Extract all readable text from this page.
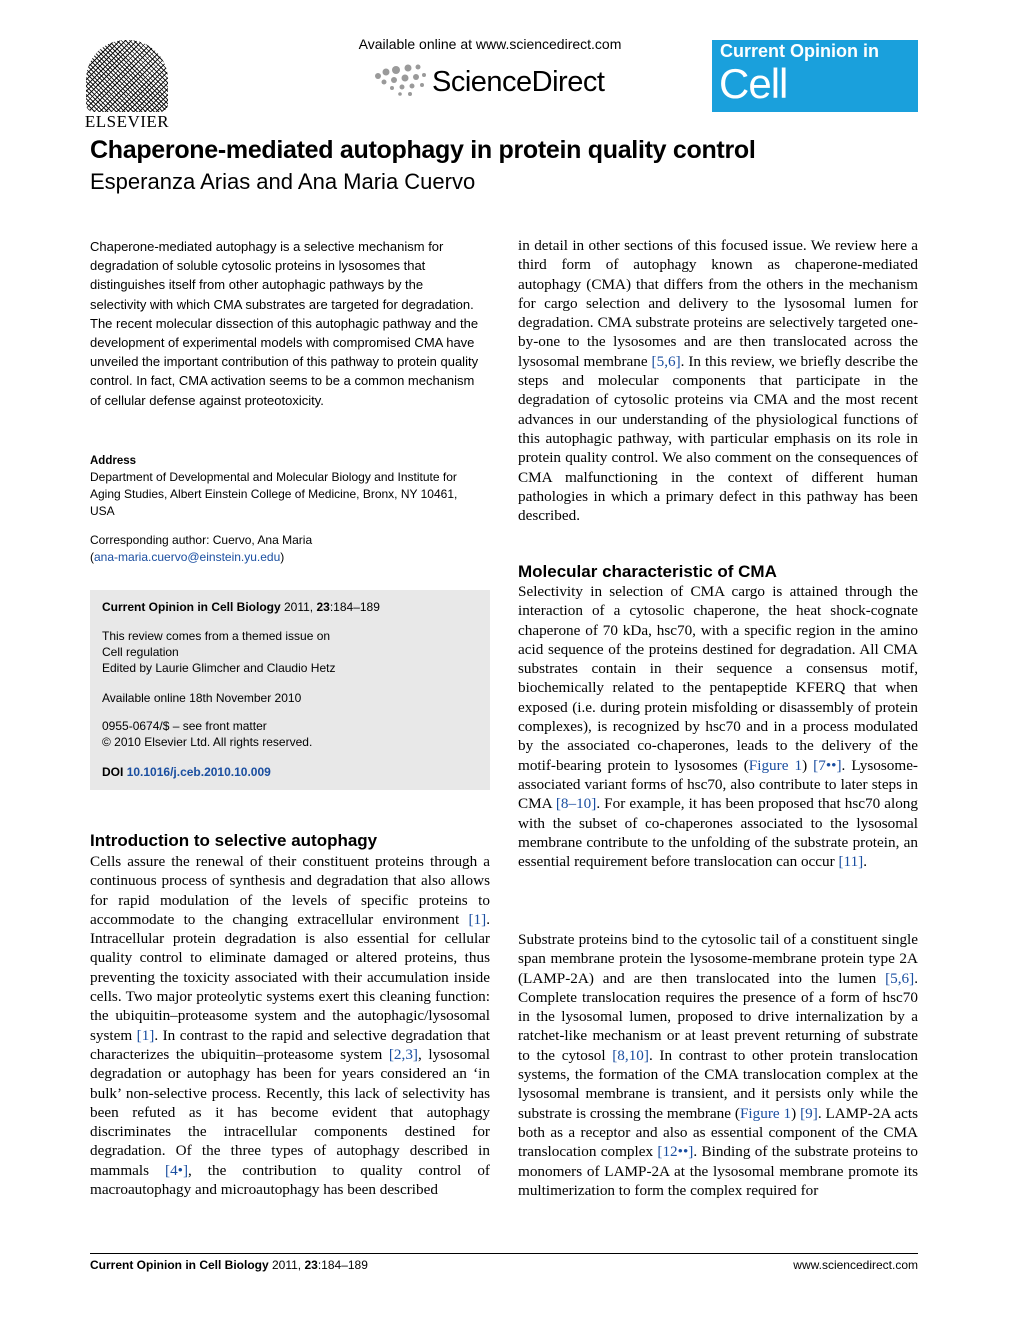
ELSEVIER
Available online at www.sciencedirect.com
ScienceDirect
Current Opinion in
Cell Biology
Chaperone-mediated autophagy in protein quality control
Esperanza Arias and Ana Maria Cuervo
Chaperone-mediated autophagy is a selective mechanism for degradation of soluble cytosolic proteins in lysosomes that distinguishes itself from other autophagic pathways by the selectivity with which CMA substrates are targeted for degradation. The recent molecular dissection of this autophagic pathway and the development of experimental models with compromised CMA have unveiled the important contribution of this pathway to protein quality control. In fact, CMA activation seems to be a common mechanism of cellular defense against proteotoxicity.
Address
Department of Developmental and Molecular Biology and Institute for Aging Studies, Albert Einstein College of Medicine, Bronx, NY 10461, USA
Corresponding author: Cuervo, Ana Maria
(ana-maria.cuervo@einstein.yu.edu)
Current Opinion in Cell Biology 2011, 23:184–189
This review comes from a themed issue on
Cell regulation
Edited by Laurie Glimcher and Claudio Hetz
Available online 18th November 2010
0955-0674/$ – see front matter
© 2010 Elsevier Ltd. All rights reserved.
DOI 10.1016/j.ceb.2010.10.009
Introduction to selective autophagy
Cells assure the renewal of their constituent proteins through a continuous process of synthesis and degradation that also allows for rapid modulation of the levels of specific proteins to accommodate to the changing extracellular environment [1]. Intracellular protein degradation is also essential for cellular quality control to eliminate damaged or altered proteins, thus preventing the toxicity associated with their accumulation inside cells. Two major proteolytic systems exert this cleaning function: the ubiquitin–proteasome system and the autophagic/lysosomal system [1]. In contrast to the rapid and selective degradation that characterizes the ubiquitin–proteasome system [2,3], lysosomal degradation or autophagy has been for years considered an ‘in bulk’ non-selective process. Recently, this lack of selectivity has been refuted as it has become evident that autophagy discriminates the intracellular components destined for degradation. Of the three types of autophagy described in mammals [4•], the contribution to quality control of macroautophagy and microautophagy has been described
in detail in other sections of this focused issue. We review here a third form of autophagy known as chaperone-mediated autophagy (CMA) that differs from the others in the mechanism for cargo selection and delivery to the lysosomal lumen for degradation. CMA substrate proteins are selectively targeted one-by-one to the lysosomes and are then translocated across the lysosomal membrane [5,6]. In this review, we briefly describe the steps and molecular components that participate in the degradation of cytosolic proteins via CMA and the most recent advances in our understanding of the physiological functions of this autophagic pathway, with particular emphasis on its role in protein quality control. We also comment on the consequences of CMA malfunctioning in the context of different human pathologies in which a primary defect in this pathway has been described.
Molecular characteristic of CMA
Selectivity in selection of CMA cargo is attained through the interaction of a cytosolic chaperone, the heat shock-cognate chaperone of 70 kDa, hsc70, with a specific region in the amino acid sequence of the proteins destined for degradation. All CMA substrates contain in their sequence a consensus motif, biochemically related to the pentapeptide KFERQ that when exposed (i.e. during protein misfolding or disassembly of protein complexes), is recognized by hsc70 and in a process modulated by the associated co-chaperones, leads to the delivery of the motif-bearing protein to lysosomes (Figure 1) [7••]. Lysosome-associated variant forms of hsc70, also contribute to later steps in CMA [8–10]. For example, it has been proposed that hsc70 along with the subset of co-chaperones associated to the lysosomal membrane contribute to the unfolding of the substrate protein, an essential requirement before translocation can occur [11].
Substrate proteins bind to the cytosolic tail of a constituent single span membrane protein the lysosome-membrane protein type 2A (LAMP-2A) and are then translocated into the lumen [5,6]. Complete translocation requires the presence of a form of hsc70 in the lysosomal lumen, proposed to drive internalization by a ratchet-like mechanism or at least prevent returning of substrate to the cytosol [8,10]. In contrast to other protein translocation systems, the formation of the CMA translocation complex at the lysosomal membrane is transient, and it persists only while the substrate is crossing the membrane (Figure 1) [9]. LAMP-2A acts both as a receptor and also as essential component of the CMA translocation complex [12••]. Binding of the substrate proteins to monomers of LAMP-2A at the lysosomal membrane promote its multimerization to form the complex required for
Current Opinion in Cell Biology 2011, 23:184–189	www.sciencedirect.com
